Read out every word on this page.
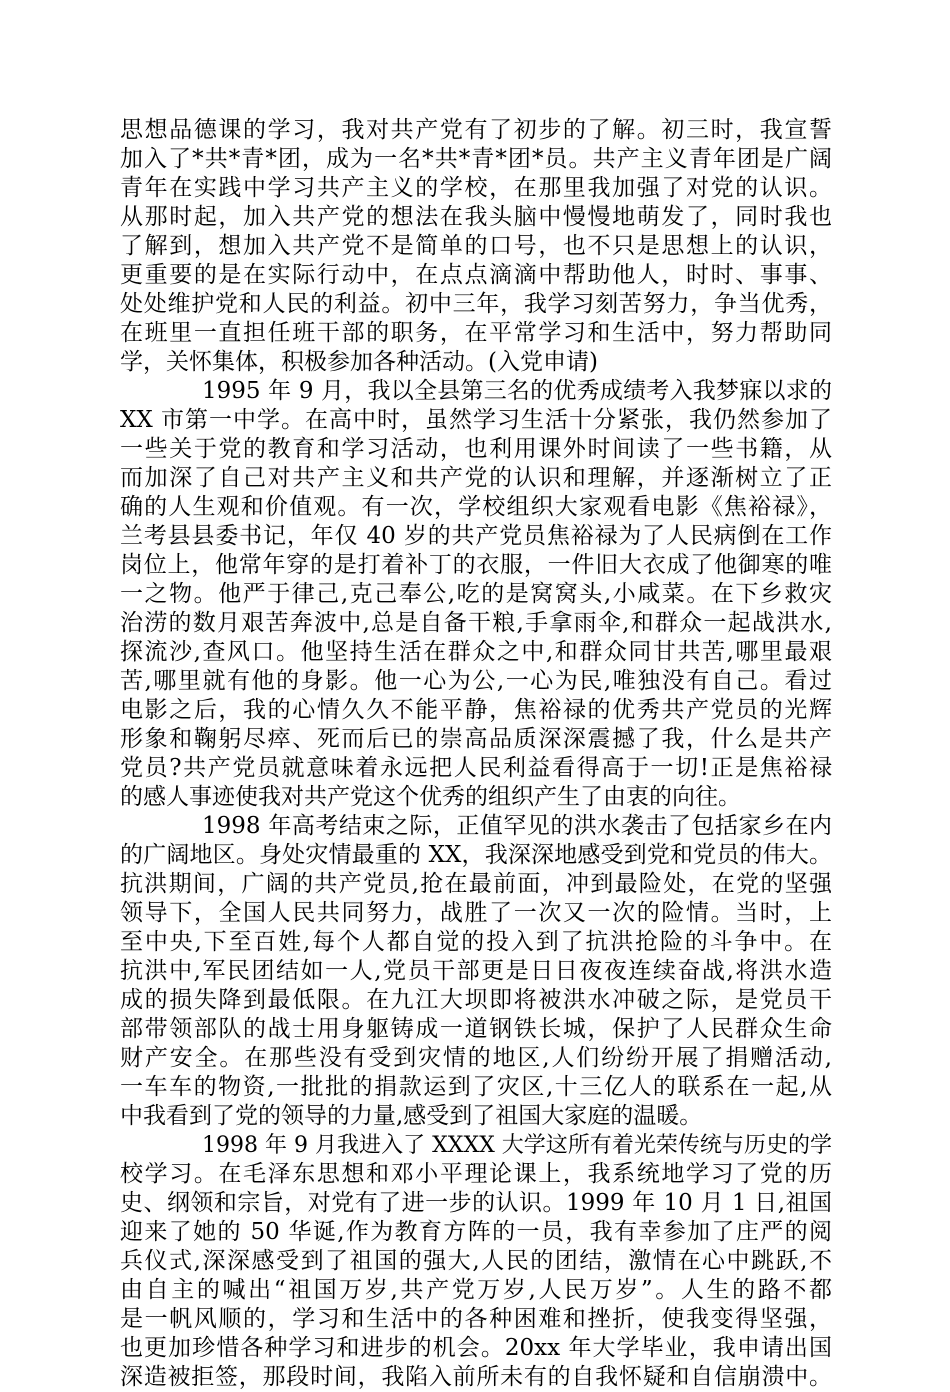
思想品德课的学习，我对共产党有了初步的了解。初三时，我宣誓
加入了*共*青*团，成为一名*共*青*团*员。共产主义青年团是广阔
青年在实践中学习共产主义的学校，在那里我加强了对党的认识。
从那时起，加入共产党的想法在我头脑中慢慢地萌发了，同时我也
了解到，想加入共产党不是简单的口号，也不只是思想上的认识，
更重要的是在实际行动中，在点点滴滴中帮助他人，时时、事事、
处处维护党和人民的利益。初中三年，我学习刻苦努力，争当优秀，
在班里一直担任班干部的职务，在平常学习和生活中，努力帮助同
学，关怀集体，积极参加各种活动。(入党申请)
1995 年 9 月，我以全县第三名的优秀成绩考入我梦寐以求的
XX 市第一中学。在高中时，虽然学习生活十分紧张，我仍然参加了
一些关于党的教育和学习活动，也利用课外时间读了一些书籍，从
而加深了自己对共产主义和共产党的认识和理解，并逐渐树立了正
确的人生观和价值观。有一次，学校组织大家观看电影《焦裕禄》，
兰考县县委书记，年仅 40 岁的共产党员焦裕禄为了人民病倒在工作
岗位上，他常年穿的是打着补丁的衣服，一件旧大衣成了他御寒的唯
一之物。他严于律己,克己奉公,吃的是窝窝头,小咸菜。在下乡救灾
治涝的数月艰苦奔波中,总是自备干粮,手拿雨伞,和群众一起战洪水,
探流沙,查风口。他坚持生活在群众之中,和群众同甘共苦,哪里最艰
苦,哪里就有他的身影。他一心为公,一心为民,唯独没有自己。看过
电影之后，我的心情久久不能平静，焦裕禄的优秀共产党员的光辉
形象和鞠躬尽瘁、死而后已的崇高品质深深震撼了我，什么是共产
党员?共产党员就意味着永远把人民利益看得高于一切!正是焦裕禄
的感人事迹使我对共产党这个优秀的组织产生了由衷的向往。
1998 年高考结束之际，正值罕见的洪水袭击了包括家乡在内
的广阔地区。身处灾情最重的 XX，我深深地感受到党和党员的伟大。
抗洪期间，广阔的共产党员,抢在最前面，冲到最险处，在党的坚强
领导下，全国人民共同努力，战胜了一次又一次的险情。当时，上
至中央,下至百姓,每个人都自觉的投入到了抗洪抢险的斗争中。在
抗洪中,军民团结如一人,党员干部更是日日夜夜连续奋战,将洪水造
成的损失降到最低限。在九江大坝即将被洪水冲破之际，是党员干
部带领部队的战士用身躯铸成一道钢铁长城，保护了人民群众生命
财产安全。在那些没有受到灾情的地区,人们纷纷开展了捐赠活动,
一车车的物资,一批批的捐款运到了灾区,十三亿人的联系在一起,从
中我看到了党的领导的力量,感受到了祖国大家庭的温暖。
1998 年 9 月我进入了 XXXX 大学这所有着光荣传统与历史的学
校学习。在毛泽东思想和邓小平理论课上，我系统地学习了党的历
史、纲领和宗旨，对党有了进一步的认识。1999 年 10 月 1 日,祖国
迎来了她的 50 华诞,作为教育方阵的一员，我有幸参加了庄严的阅
兵仪式,深深感受到了祖国的强大,人民的团结，激情在心中跳跃,不
由自主的喊出“祖国万岁,共产党万岁,人民万岁”。人生的路不都
是一帆风顺的，学习和生活中的各种困难和挫折，使我变得坚强，
也更加珍惜各种学习和进步的机会。20xx 年大学毕业，我申请出国
深造被拒签，那段时间，我陷入前所未有的自我怀疑和自信崩溃中。
